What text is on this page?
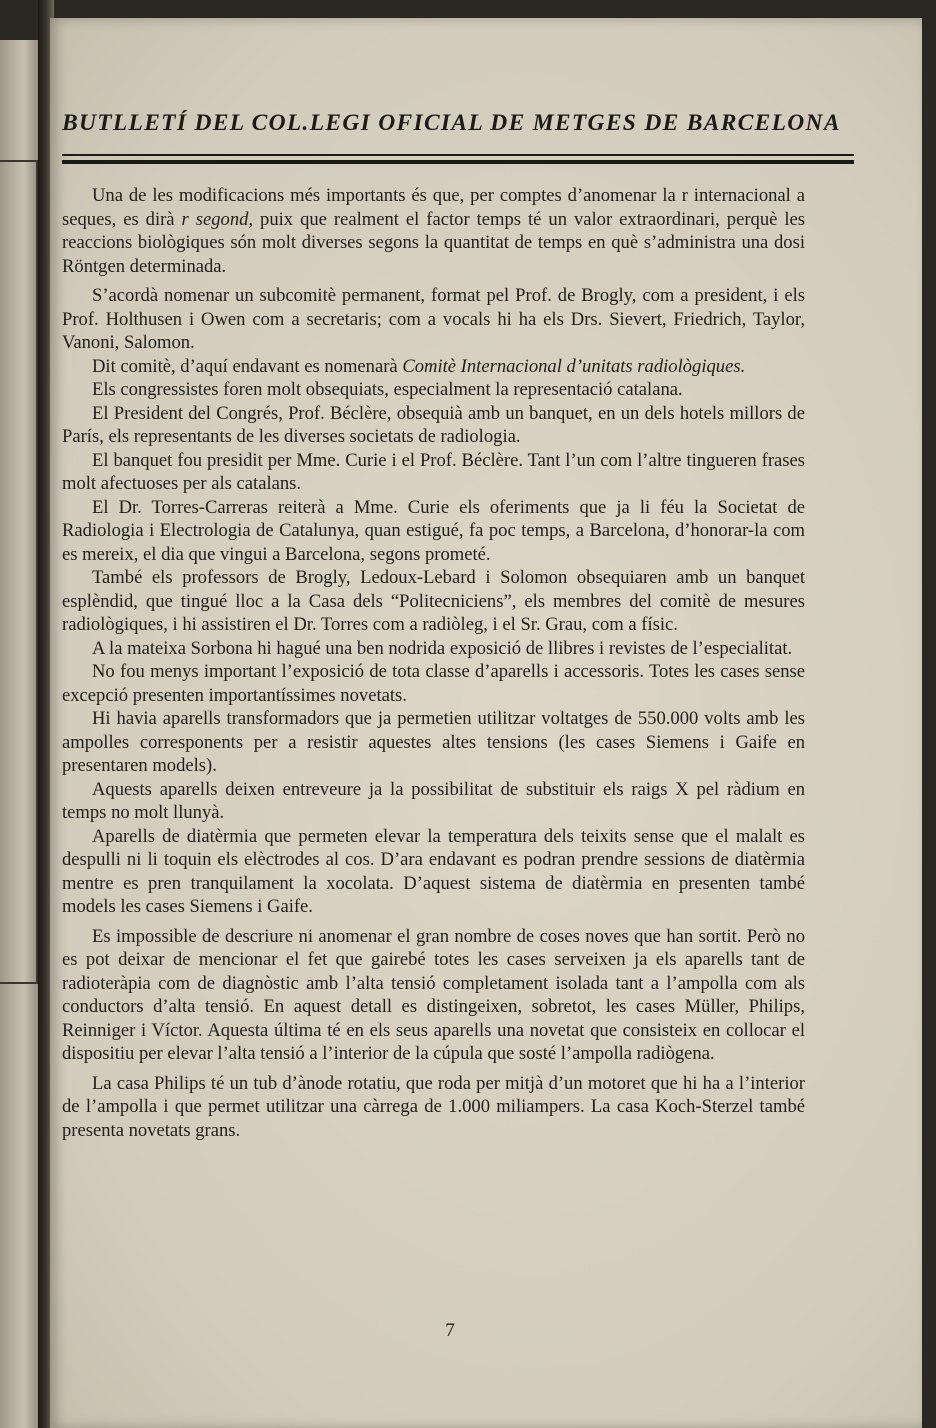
BUTLLETÍ DEL COL.LEGI OFICIAL DE METGES DE BARCELONA

Una de les modificacions més importants és que, per comptes d’anomenar la r internacional a seques, es dirà r segond, puix que realment el factor temps té un valor extraordinari, perquè les reaccions biològiques són molt diverses segons la quantitat de temps en què s’administra una dosi Röntgen determinada.

S’acordà nomenar un subcomitè permanent, format pel Prof. de Brogly, com a president, i els Prof. Holthusen i Owen com a secretaris; com a vocals hi ha els Drs. Sievert, Friedrich, Taylor, Vanoni, Salomon.

Dit comitè, d’aquí endavant es nomenarà Comitè Internacional d’unitats radiològiques.

Els congressistes foren molt obsequiats, especialment la representació catalana.

El President del Congrés, Prof. Béclère, obsequià amb un banquet, en un dels hotels millors de París, els representants de les diverses societats de radiologia.

El banquet fou presidit per Mme. Curie i el Prof. Béclère. Tant l’un com l’altre tingueren frases molt afectuoses per als catalans.

El Dr. Torres-Carreras reiterà a Mme. Curie els oferiments que ja li féu la Societat de Radiologia i Electrologia de Catalunya, quan estigué, fa poc temps, a Barcelona, d’honorar-la com es mereix, el dia que vingui a Barcelona, segons prometé.

També els professors de Brogly, Ledoux-Lebard i Solomon obsequiaren amb un banquet esplèndid, que tingué lloc a la Casa dels “Politecniciens”, els membres del comitè de mesures radiològiques, i hi assistiren el Dr. Torres com a radiòleg, i el Sr. Grau, com a físic.

A la mateixa Sorbona hi hagué una ben nodrida exposició de llibres i revistes de l’especialitat.

No fou menys important l’exposició de tota classe d’aparells i accessoris. Totes les cases sense excepció presenten importantíssimes novetats.

Hi havia aparells transformadors que ja permetien utilitzar voltatges de 550.000 volts amb les ampolles corresponents per a resistir aquestes altes tensions (les cases Siemens i Gaife en presentaren models).

Aquests aparells deixen entreveure ja la possibilitat de substituir els raigs X pel ràdium en temps no molt llunyà.

Aparells de diatèrmia que permeten elevar la temperatura dels teixits sense que el malalt es despulli ni li toquin els elèctrodes al cos. D’ara endavant es podran prendre sessions de diatèrmia mentre es pren tranquilament la xocolata. D’aquest sistema de diatèrmia en presenten també models les cases Siemens i Gaife.

Es impossible de descriure ni anomenar el gran nombre de coses noves que han sortit. Però no es pot deixar de mencionar el fet que gairebé totes les cases serveixen ja els aparells tant de radioteràpia com de diagnòstic amb l’alta tensió completament isolada tant a l’ampolla com als conductors d’alta tensió. En aquest detall es distingeixen, sobretot, les cases Müller, Philips, Reinniger i Víctor. Aquesta última té en els seus aparells una novetat que consisteix en collocar el dispositiu per elevar l’alta tensió a l’interior de la cúpula que sosté l’ampolla radiògena.

La casa Philips té un tub d’ànode rotatiu, que roda per mitjà d’un motoret que hi ha a l’interior de l’ampolla i que permet utilitzar una càrrega de 1.000 miliampers. La casa Koch-Sterzel també presenta novetats grans.

7
